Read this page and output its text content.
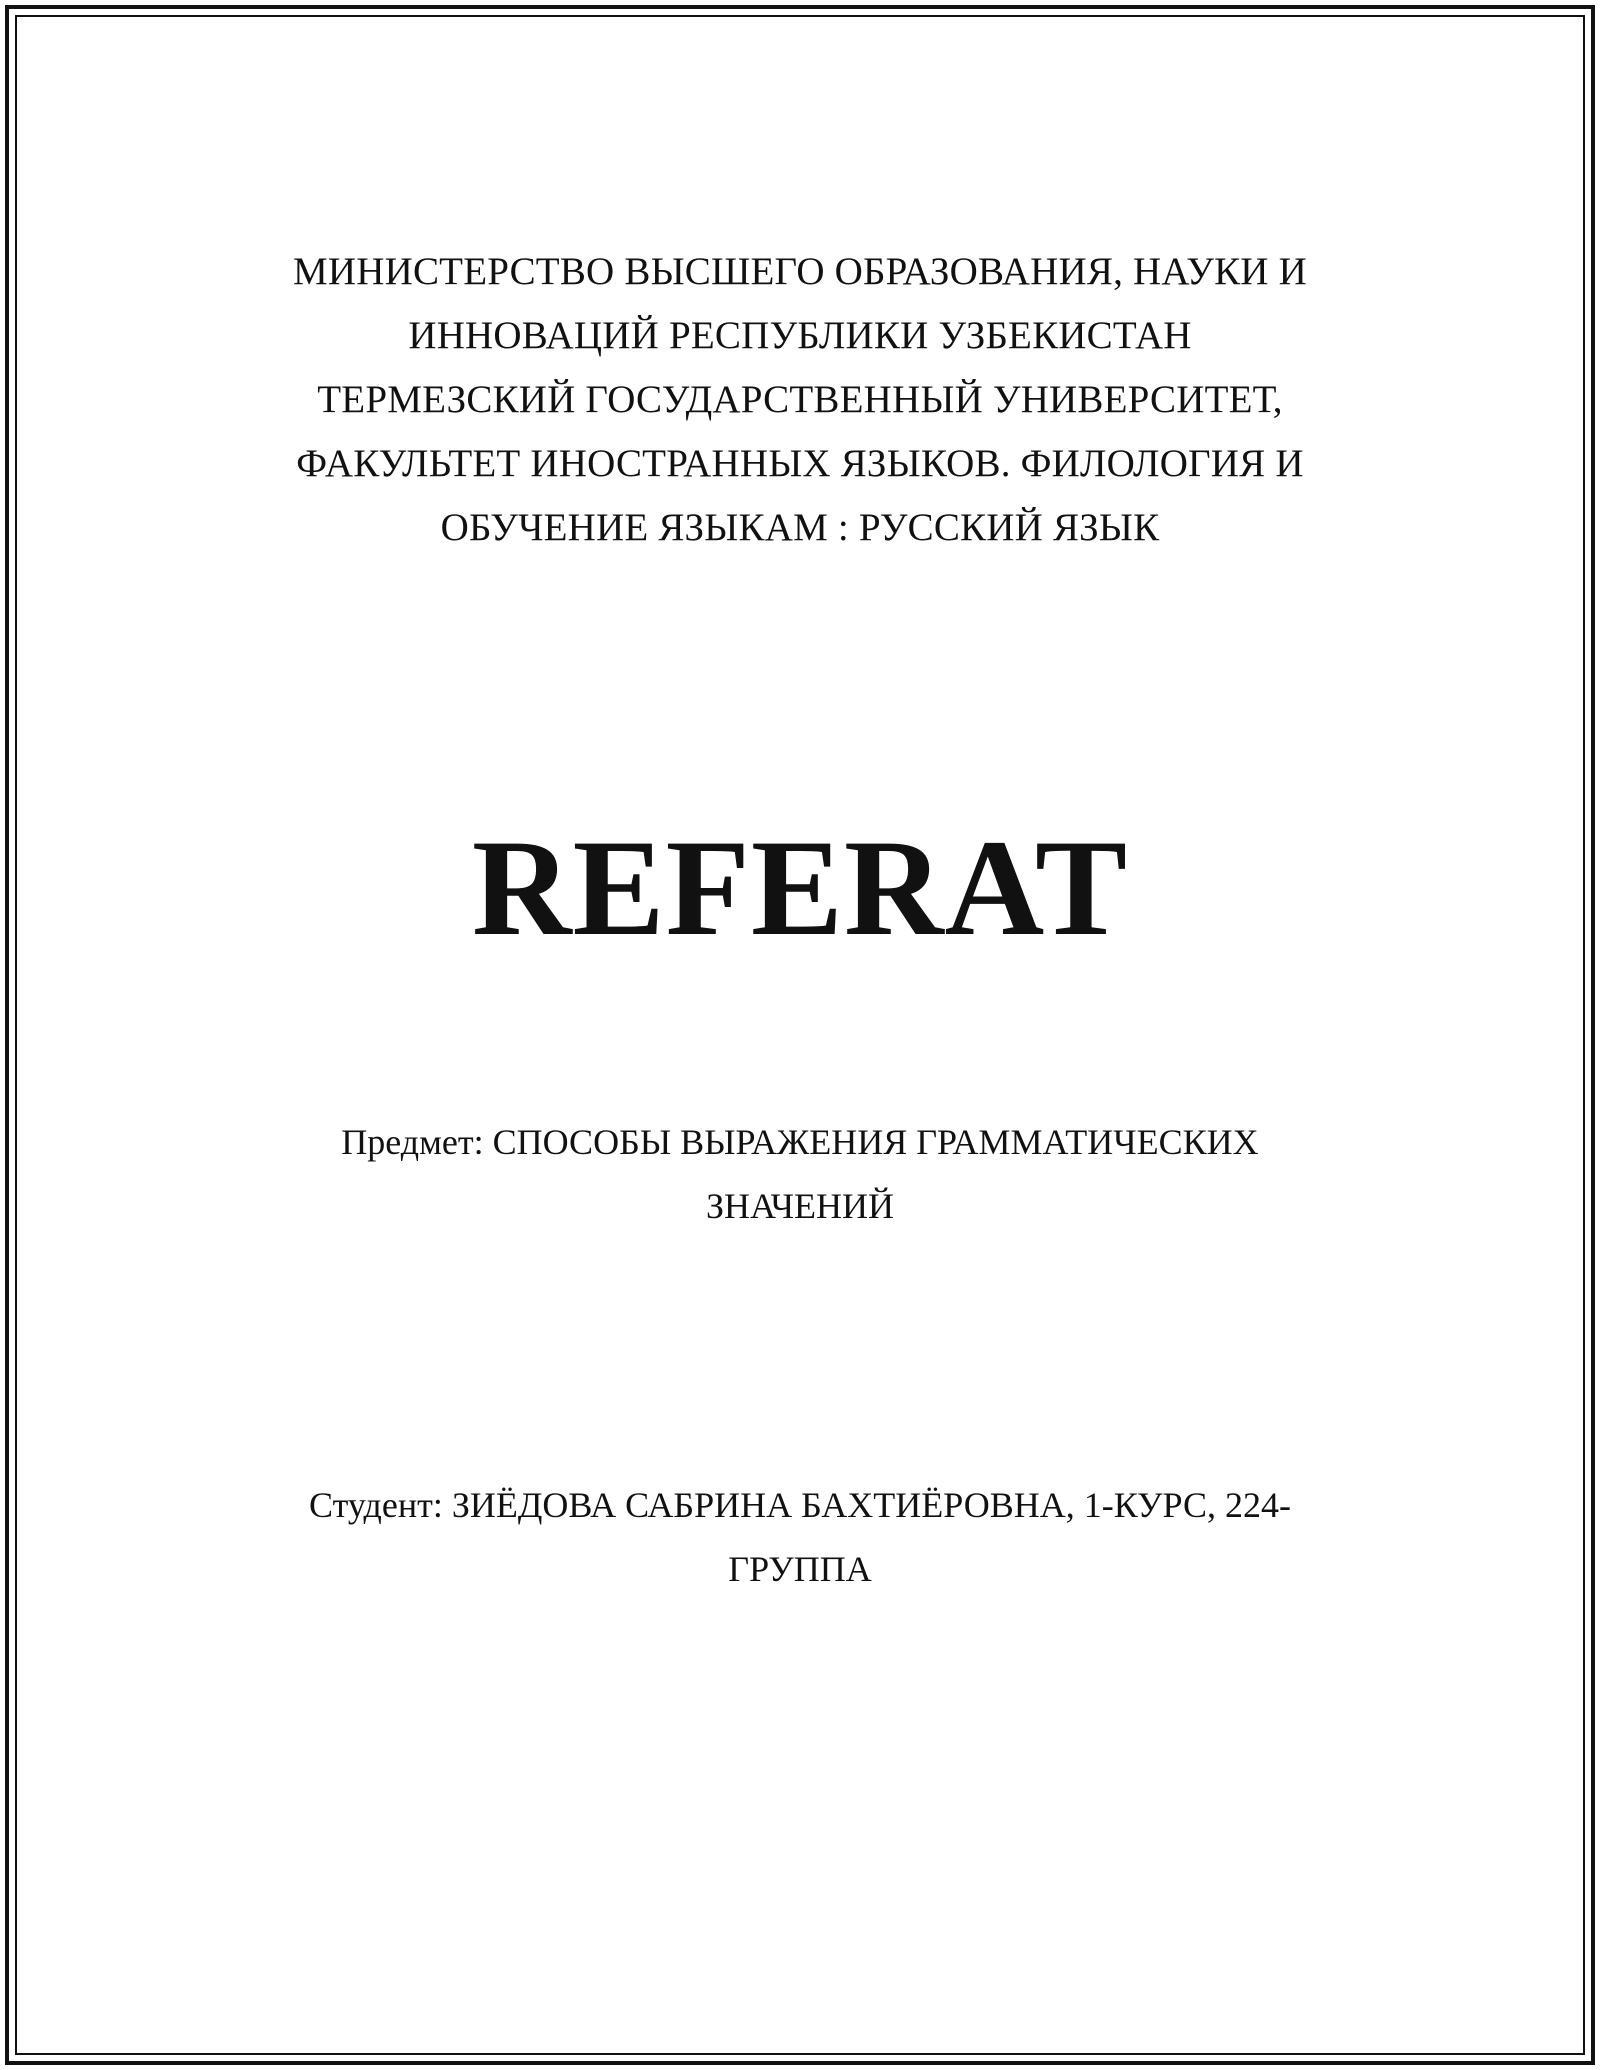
МИНИСТЕРСТВО ВЫСШЕГО ОБРАЗОВАНИЯ, НАУКИ И
ИННОВАЦИЙ РЕСПУБЛИКИ УЗБЕКИСТАН
ТЕРМЕЗСКИЙ ГОСУДАРСТВЕННЫЙ УНИВЕРСИТЕТ,
ФАКУЛЬТЕТ ИНОСТРАННЫХ ЯЗЫКОВ. ФИЛОЛОГИЯ И
ОБУЧЕНИЕ ЯЗЫКАМ : РУССКИЙ ЯЗЫК
REFERAT
Предмет: СПОСОБЫ ВЫРАЖЕНИЯ ГРАММАТИЧЕСКИХ
ЗНАЧЕНИЙ
Студент: ЗИЁДОВА САБРИНА БАХТИЁРОВНА, 1-КУРС, 224-
ГРУППА
